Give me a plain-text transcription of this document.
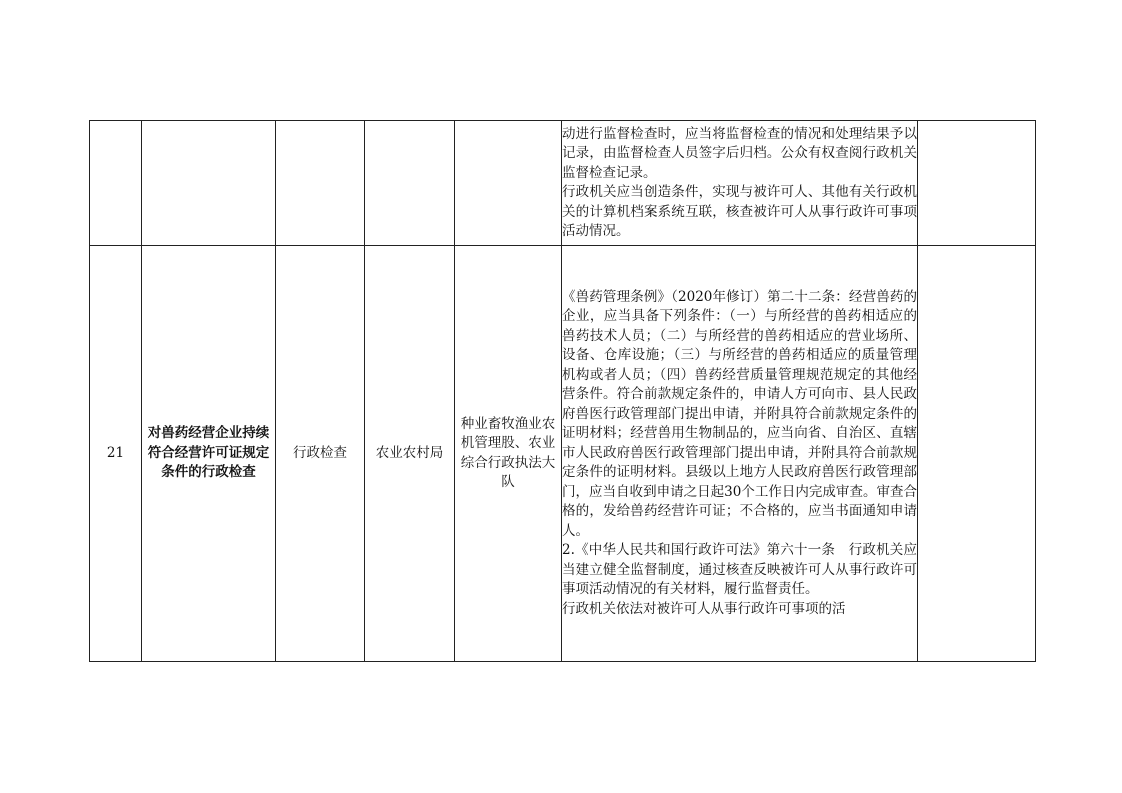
					动进行监督检查时，应当将监督检查的情况和处理结果予以记录，由监督检查人员签字后归档。公众有权查阅行政机关监督检查记录。
行政机关应当创造条件，实现与被许可人、其他有关行政机关的计算机档案系统互联，核查被许可人从事行政许可事项活动情况。	

21	对兽药经营企业持续符合经营许可证规定条件的行政检查	行政检查	农业农村局	种业畜牧渔业农机管理股、农业综合行政执法大队	《兽药管理条例》（2020年修订）第二十二条：经营兽药的企业，应当具备下列条件：（一）与所经营的兽药相适应的兽药技术人员；（二）与所经营的兽药相适应的营业场所、设备、仓库设施；（三）与所经营的兽药相适应的质量管理机构或者人员；（四）兽药经营质量管理规范规定的其他经营条件。符合前款规定条件的，申请人方可向市、县人民政府兽医行政管理部门提出申请，并附具符合前款规定条件的证明材料；经营兽用生物制品的，应当向省、自治区、直辖市人民政府兽医行政管理部门提出申请，并附具符合前款规定条件的证明材料。县级以上地方人民政府兽医行政管理部门，应当自收到申请之日起30个工作日内完成审查。审查合格的，发给兽药经营许可证；不合格的，应当书面通知申请人。
2.《中华人民共和国行政许可法》第六十一条　行政机关应当建立健全监督制度，通过核查反映被许可人从事行政许可事项活动情况的有关材料，履行监督责任。
行政机关依法对被许可人从事行政许可事项的活	
